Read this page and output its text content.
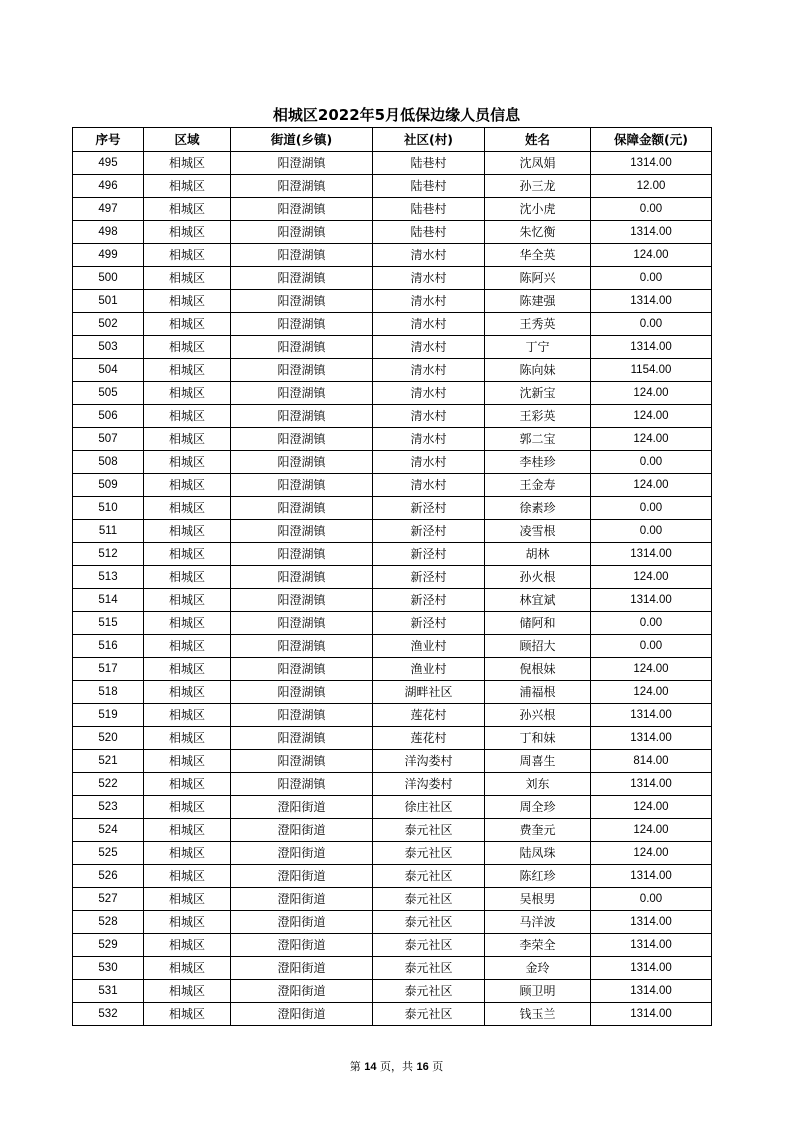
相城区2022年5月低保边缘人员信息
序号	区域	街道(乡镇)	社区(村)	姓名	保障金额(元)
495	相城区	阳澄湖镇	陆巷村	沈凤娟	1314.00
496	相城区	阳澄湖镇	陆巷村	孙三龙	12.00
497	相城区	阳澄湖镇	陆巷村	沈小虎	0.00
498	相城区	阳澄湖镇	陆巷村	朱忆衡	1314.00
499	相城区	阳澄湖镇	清水村	华全英	124.00
500	相城区	阳澄湖镇	清水村	陈阿兴	0.00
501	相城区	阳澄湖镇	清水村	陈建强	1314.00
502	相城区	阳澄湖镇	清水村	王秀英	0.00
503	相城区	阳澄湖镇	清水村	丁宁	1314.00
504	相城区	阳澄湖镇	清水村	陈向妹	1154.00
505	相城区	阳澄湖镇	清水村	沈新宝	124.00
506	相城区	阳澄湖镇	清水村	王彩英	124.00
507	相城区	阳澄湖镇	清水村	郭二宝	124.00
508	相城区	阳澄湖镇	清水村	李桂珍	0.00
509	相城区	阳澄湖镇	清水村	王金寿	124.00
510	相城区	阳澄湖镇	新泾村	徐素珍	0.00
511	相城区	阳澄湖镇	新泾村	凌雪根	0.00
512	相城区	阳澄湖镇	新泾村	胡林	1314.00
513	相城区	阳澄湖镇	新泾村	孙火根	124.00
514	相城区	阳澄湖镇	新泾村	林宜斌	1314.00
515	相城区	阳澄湖镇	新泾村	储阿和	0.00
516	相城区	阳澄湖镇	渔业村	顾招大	0.00
517	相城区	阳澄湖镇	渔业村	倪根妹	124.00
518	相城区	阳澄湖镇	湖畔社区	浦福根	124.00
519	相城区	阳澄湖镇	莲花村	孙兴根	1314.00
520	相城区	阳澄湖镇	莲花村	丁和妹	1314.00
521	相城区	阳澄湖镇	洋沟娄村	周喜生	814.00
522	相城区	阳澄湖镇	洋沟娄村	刘东	1314.00
523	相城区	澄阳街道	徐庄社区	周全珍	124.00
524	相城区	澄阳街道	泰元社区	费奎元	124.00
525	相城区	澄阳街道	泰元社区	陆凤珠	124.00
526	相城区	澄阳街道	泰元社区	陈红珍	1314.00
527	相城区	澄阳街道	泰元社区	吴根男	0.00
528	相城区	澄阳街道	泰元社区	马洋波	1314.00
529	相城区	澄阳街道	泰元社区	李荣全	1314.00
530	相城区	澄阳街道	泰元社区	金玲	1314.00
531	相城区	澄阳街道	泰元社区	顾卫明	1314.00
532	相城区	澄阳街道	泰元社区	钱玉兰	1314.00
第 14 页，共 16 页
